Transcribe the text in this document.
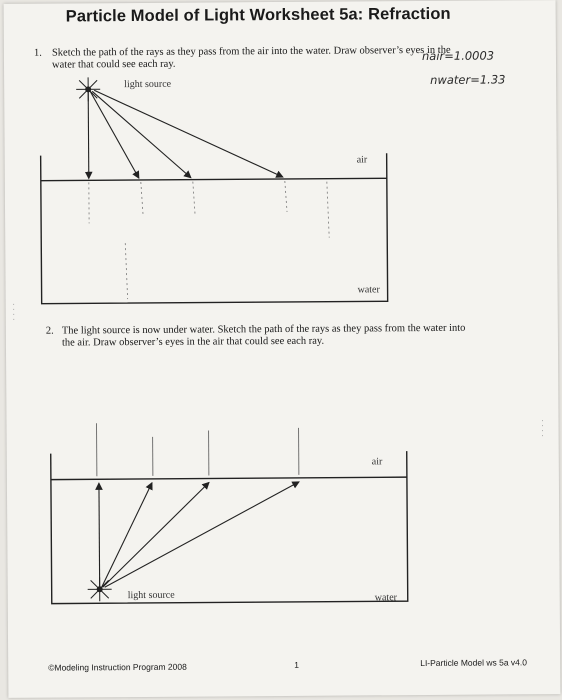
Particle Model of Light Worksheet 5a: Refraction
1. Sketch the path of the rays as they pass from the air into the water. Draw observer’s eyes in the
water that could see each ray.
nair=1.0003
nwater=1.33
light source
air
water
2. The light source is now under water. Sketch the path of the rays as they pass from the water into
the air. Draw observer’s eyes in the air that could see each ray.
air
light source	water
©Modeling Instruction Program 2008	1	LI-Particle Model ws 5a v4.0
